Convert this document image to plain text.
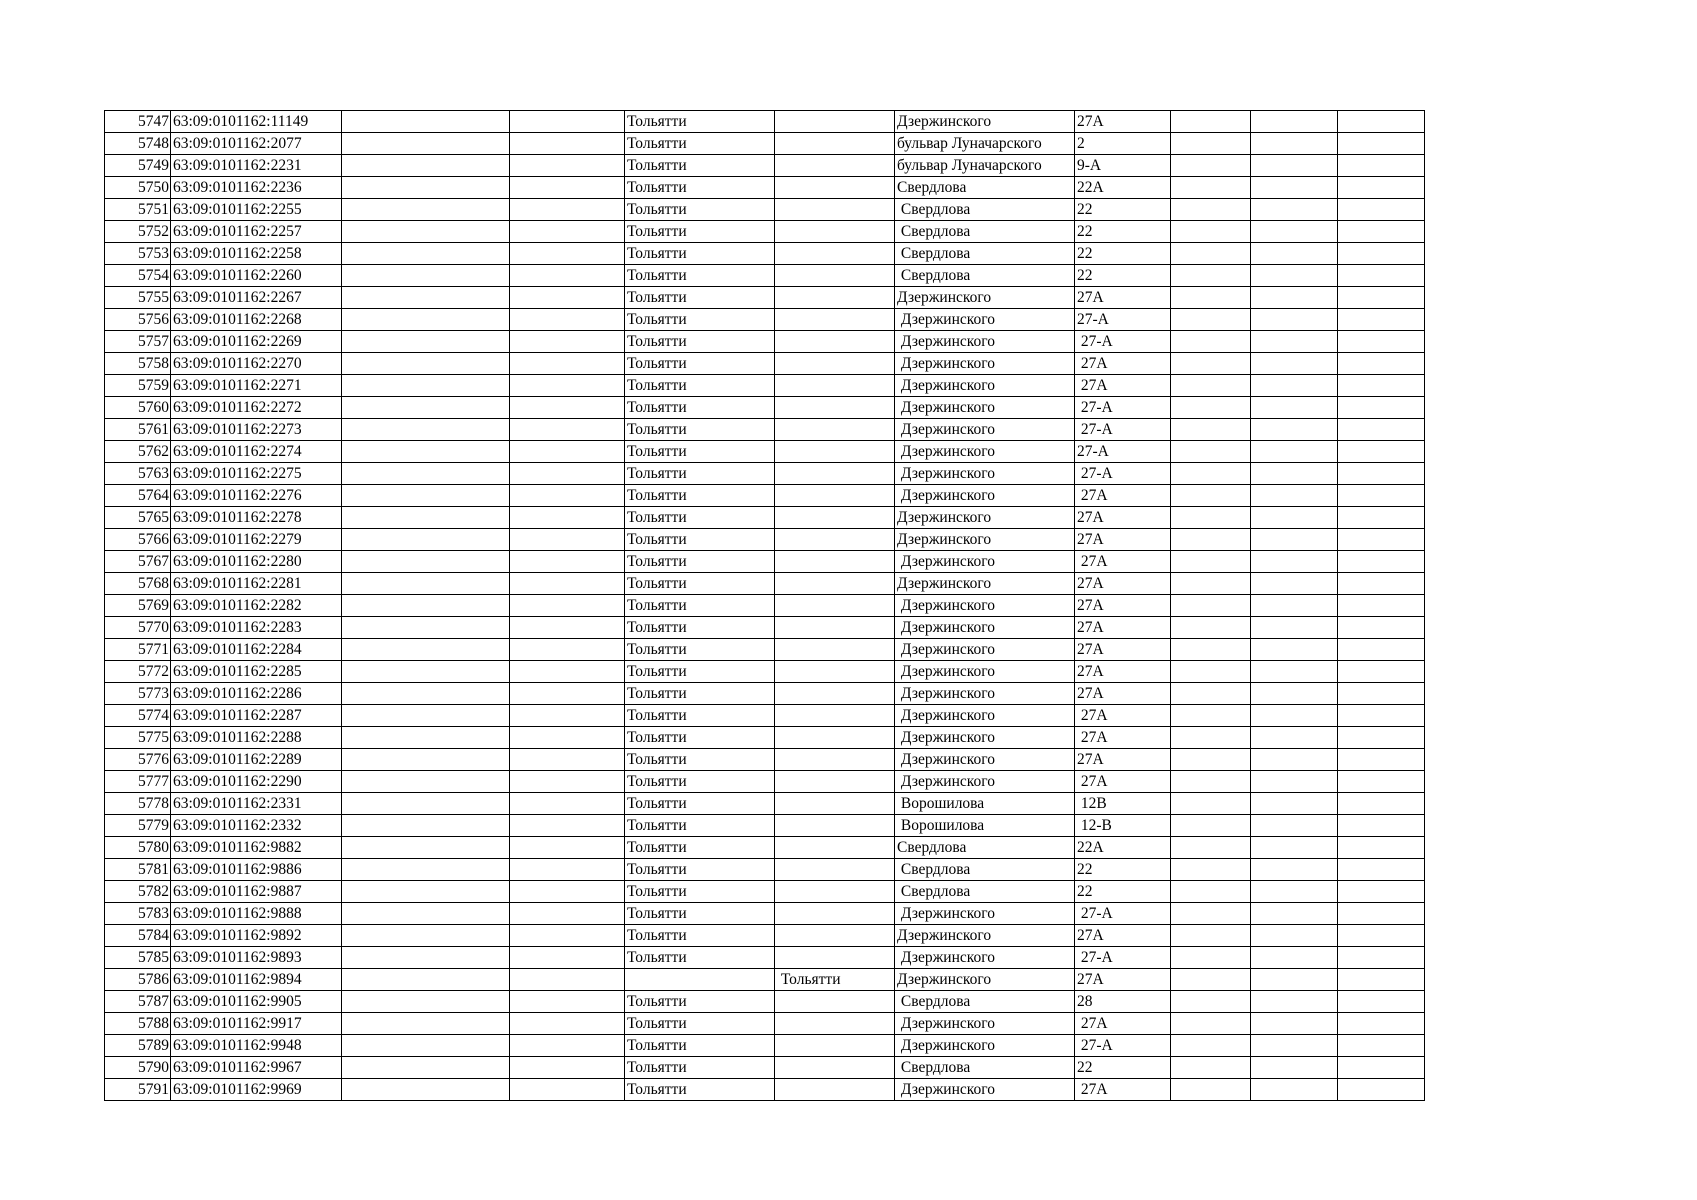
5747	63:09:0101162:11149			Тольятти		Дзержинского	27А			
5748	63:09:0101162:2077			Тольятти		бульвар Луначарского	2			
5749	63:09:0101162:2231			Тольятти		бульвар Луначарского	9-А			
5750	63:09:0101162:2236			Тольятти		Свердлова	22А			
5751	63:09:0101162:2255			Тольятти		Свердлова	22			
5752	63:09:0101162:2257			Тольятти		Свердлова	22			
5753	63:09:0101162:2258			Тольятти		Свердлова	22			
5754	63:09:0101162:2260			Тольятти		Свердлова	22			
5755	63:09:0101162:2267			Тольятти		Дзержинского	27А			
5756	63:09:0101162:2268			Тольятти		Дзержинского	27-А			
5757	63:09:0101162:2269			Тольятти		Дзержинского	27-А			
5758	63:09:0101162:2270			Тольятти		Дзержинского	27А			
5759	63:09:0101162:2271			Тольятти		Дзержинского	27А			
5760	63:09:0101162:2272			Тольятти		Дзержинского	27-А			
5761	63:09:0101162:2273			Тольятти		Дзержинского	27-А			
5762	63:09:0101162:2274			Тольятти		Дзержинского	27-А			
5763	63:09:0101162:2275			Тольятти		Дзержинского	27-А			
5764	63:09:0101162:2276			Тольятти		Дзержинского	27А			
5765	63:09:0101162:2278			Тольятти		Дзержинского	27А			
5766	63:09:0101162:2279			Тольятти		Дзержинского	27А			
5767	63:09:0101162:2280			Тольятти		Дзержинского	27А			
5768	63:09:0101162:2281			Тольятти		Дзержинского	27А			
5769	63:09:0101162:2282			Тольятти		Дзержинского	27А			
5770	63:09:0101162:2283			Тольятти		Дзержинского	27А			
5771	63:09:0101162:2284			Тольятти		Дзержинского	27А			
5772	63:09:0101162:2285			Тольятти		Дзержинского	27А			
5773	63:09:0101162:2286			Тольятти		Дзержинского	27А			
5774	63:09:0101162:2287			Тольятти		Дзержинского	27А			
5775	63:09:0101162:2288			Тольятти		Дзержинского	27А			
5776	63:09:0101162:2289			Тольятти		Дзержинского	27А			
5777	63:09:0101162:2290			Тольятти		Дзержинского	27А			
5778	63:09:0101162:2331			Тольятти		Ворошилова	12В			
5779	63:09:0101162:2332			Тольятти		Ворошилова	12-В			
5780	63:09:0101162:9882			Тольятти		Свердлова	22А			
5781	63:09:0101162:9886			Тольятти		Свердлова	22			
5782	63:09:0101162:9887			Тольятти		Свердлова	22			
5783	63:09:0101162:9888			Тольятти		Дзержинского	27-А			
5784	63:09:0101162:9892			Тольятти		Дзержинского	27А			
5785	63:09:0101162:9893			Тольятти		Дзержинского	27-А			
5786	63:09:0101162:9894				Тольятти	Дзержинского	27А			
5787	63:09:0101162:9905			Тольятти		Свердлова	28			
5788	63:09:0101162:9917			Тольятти		Дзержинского	27А			
5789	63:09:0101162:9948			Тольятти		Дзержинского	27-А			
5790	63:09:0101162:9967			Тольятти		Свердлова	22			
5791	63:09:0101162:9969			Тольятти		Дзержинского	27А			
